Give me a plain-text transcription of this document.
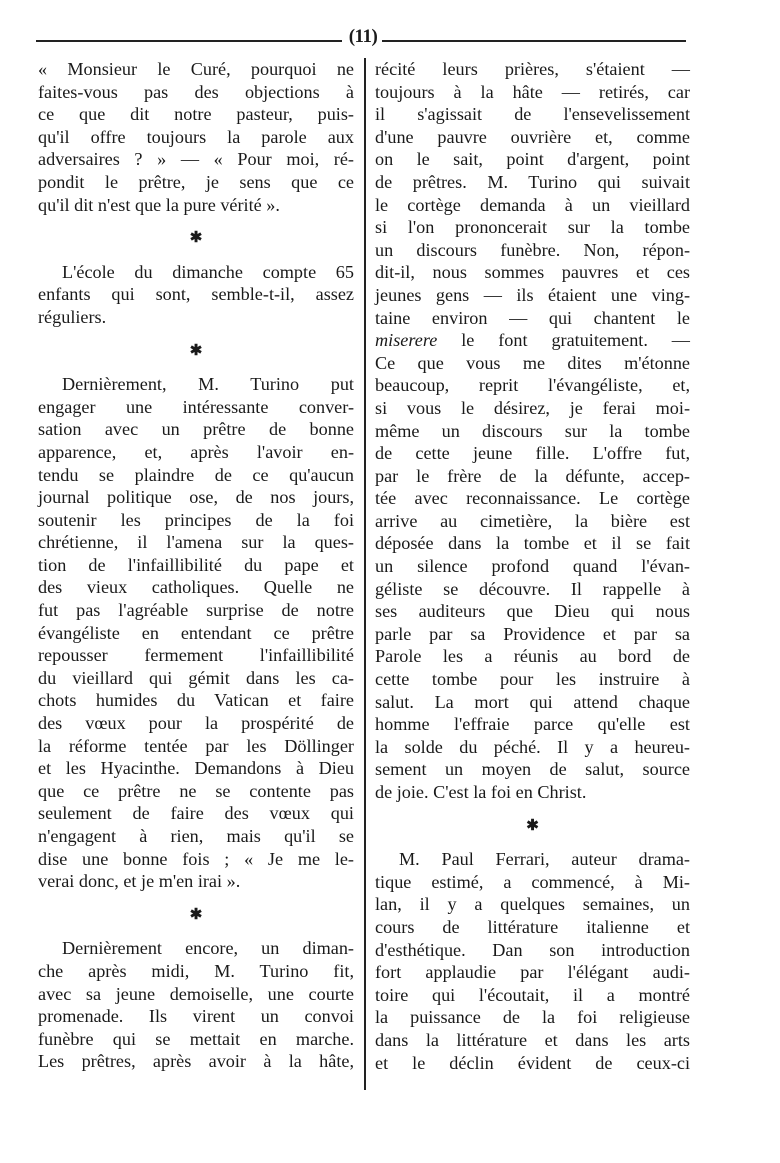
(11)
« Monsieur le Curé, pourquoi ne
faites-vous pas des objections à
ce que dit notre pasteur, puis-
qu'il offre toujours la parole aux
adversaires ? » — « Pour moi, ré-
pondit le prêtre, je sens que ce
qu'il dit n'est que la pure vérité ».
✱
L'école du dimanche compte 65
enfants qui sont, semble-t-il, assez
réguliers.
✱
Dernièrement, M. Turino put
engager une intéressante conver-
sation avec un prêtre de bonne
apparence, et, après l'avoir en-
tendu se plaindre de ce qu'aucun
journal politique ose, de nos jours,
soutenir les principes de la foi
chrétienne, il l'amena sur la ques-
tion de l'infaillibilité du pape et
des vieux catholiques. Quelle ne
fut pas l'agréable surprise de notre
évangéliste en entendant ce prêtre
repousser fermement l'infaillibilité
du vieillard qui gémit dans les ca-
chots humides du Vatican et faire
des vœux pour la prospérité de
la réforme tentée par les Döllinger
et les Hyacinthe. Demandons à Dieu
que ce prêtre ne se contente pas
seulement de faire des vœux qui
n'engagent à rien, mais qu'il se
dise une bonne fois ; « Je me le-
verai donc, et je m'en irai ».
✱
Dernièrement encore, un diman-
che après midi, M. Turino fit,
avec sa jeune demoiselle, une courte
promenade. Ils virent un convoi
funèbre qui se mettait en marche.
Les prêtres, après avoir à la hâte,
récité leurs prières, s'étaient —
toujours à la hâte — retirés, car
il s'agissait de l'ensevelissement
d'une pauvre ouvrière et, comme
on le sait, point d'argent, point
de prêtres. M. Turino qui suivait
le cortège demanda à un vieillard
si l'on prononcerait sur la tombe
un discours funèbre. Non, répon-
dit-il, nous sommes pauvres et ces
jeunes gens — ils étaient une ving-
taine environ — qui chantent le
miserere le font gratuitement. —
Ce que vous me dites m'étonne
beaucoup, reprit l'évangéliste, et,
si vous le désirez, je ferai moi-
même un discours sur la tombe
de cette jeune fille. L'offre fut,
par le frère de la défunte, accep-
tée avec reconnaissance. Le cortège
arrive au cimetière, la bière est
déposée dans la tombe et il se fait
un silence profond quand l'évan-
géliste se découvre. Il rappelle à
ses auditeurs que Dieu qui nous
parle par sa Providence et par sa
Parole les a réunis au bord de
cette tombe pour les instruire à
salut. La mort qui attend chaque
homme l'effraie parce qu'elle est
la solde du péché. Il y a heureu-
sement un moyen de salut, source
de joie. C'est la foi en Christ.
✱
M. Paul Ferrari, auteur drama-
tique estimé, a commencé, à Mi-
lan, il y a quelques semaines, un
cours de littérature italienne et
d'esthétique. Dan son introduction
fort applaudie par l'élégant audi-
toire qui l'écoutait, il a montré
la puissance de la foi religieuse
dans la littérature et dans les arts
et le déclin évident de ceux-ci
